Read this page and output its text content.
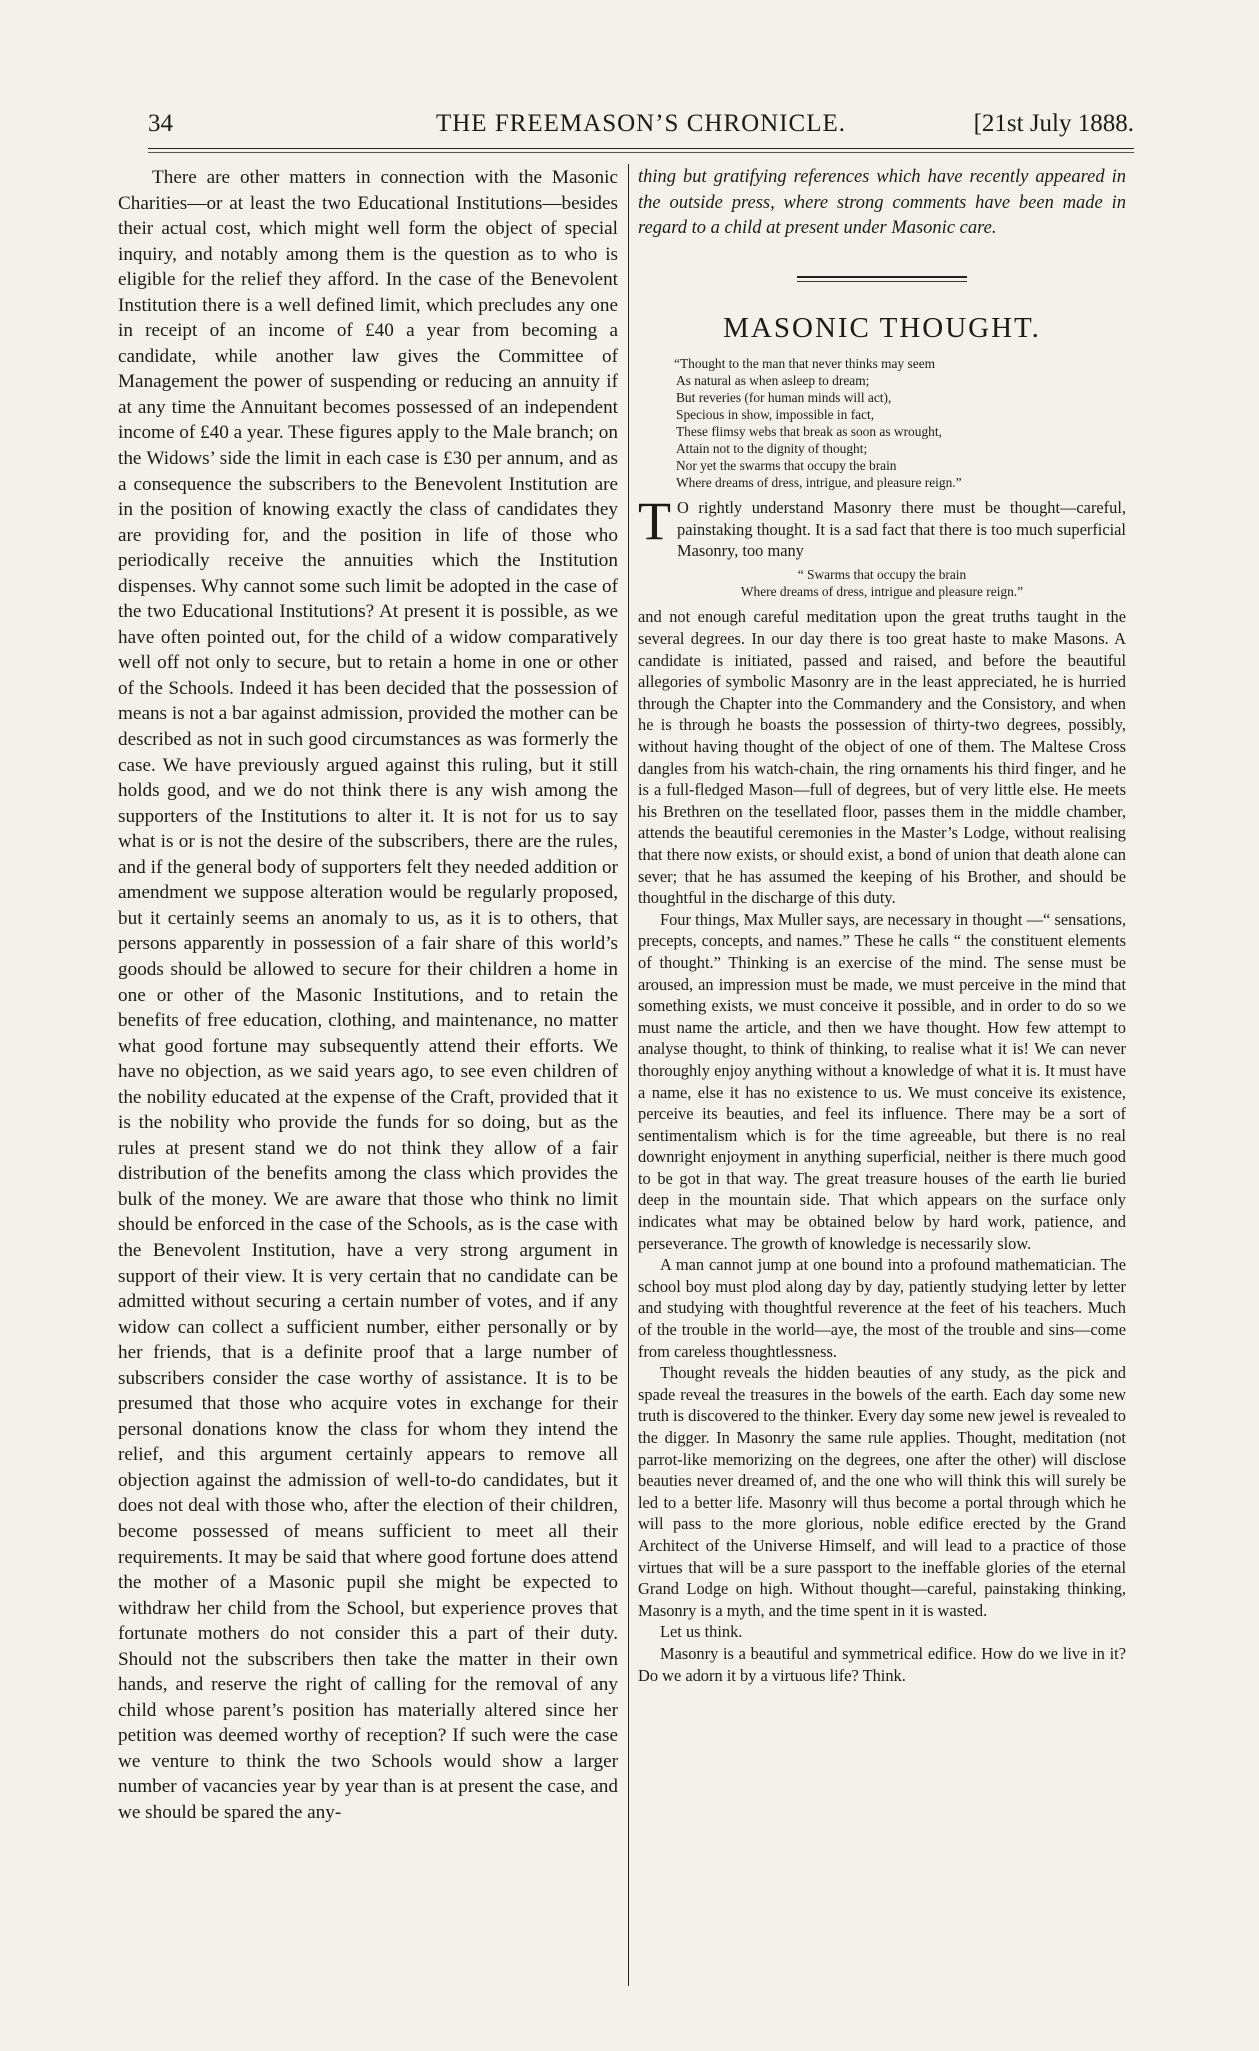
34	THE FREEMASON’S CHRONICLE.	[21st July 1888.

There are other matters in connection with the Masonic Charities—or at least the two Educational Institutions—besides their actual cost, which might well form the object of special inquiry, and notably among them is the question as to who is eligible for the relief they afford. In the case of the Benevolent Institution there is a well defined limit, which precludes any one in receipt of an income of £40 a year from becoming a candidate, while another law gives the Committee of Management the power of suspending or reducing an annuity if at any time the Annuitant becomes possessed of an independent income of £40 a year. These figures apply to the Male branch; on the Widows’ side the limit in each case is £30 per annum, and as a consequence the subscribers to the Benevolent Institution are in the position of knowing exactly the class of candidates they are providing for, and the position in life of those who periodically receive the annuities which the Institution dispenses. Why cannot some such limit be adopted in the case of the two Educational Institutions? At present it is possible, as we have often pointed out, for the child of a widow comparatively well off not only to secure, but to retain a home in one or other of the Schools. Indeed it has been decided that the possession of means is not a bar against admission, provided the mother can be described as not in such good circumstances as was formerly the case. We have previously argued against this ruling, but it still holds good, and we do not think there is any wish among the supporters of the Institutions to alter it. It is not for us to say what is or is not the desire of the subscribers, there are the rules, and if the general body of supporters felt they needed addition or amendment we suppose alteration would be regularly proposed, but it certainly seems an anomaly to us, as it is to others, that persons apparently in possession of a fair share of this world’s goods should be allowed to secure for their children a home in one or other of the Masonic Institutions, and to retain the benefits of free education, clothing, and maintenance, no matter what good fortune may subsequently attend their efforts. We have no objection, as we said years ago, to see even children of the nobility educated at the expense of the Craft, provided that it is the nobility who provide the funds for so doing, but as the rules at present stand we do not think they allow of a fair distribution of the benefits among the class which provides the bulk of the money. We are aware that those who think no limit should be enforced in the case of the Schools, as is the case with the Benevolent Institution, have a very strong argument in support of their view. It is very certain that no candidate can be admitted without securing a certain number of votes, and if any widow can collect a sufficient number, either personally or by her friends, that is a definite proof that a large number of subscribers consider the case worthy of assistance. It is to be presumed that those who acquire votes in exchange for their personal donations know the class for whom they intend the relief, and this argument certainly appears to remove all objection against the admission of well-to-do candidates, but it does not deal with those who, after the election of their children, become possessed of means sufficient to meet all their requirements. It may be said that where good fortune does attend the mother of a Masonic pupil she might be expected to withdraw her child from the School, but experience proves that fortunate mothers do not consider this a part of their duty. Should not the subscribers then take the matter in their own hands, and reserve the right of calling for the removal of any child whose parent’s position has materially altered since her petition was deemed worthy of reception? If such were the case we venture to think the two Schools would show a larger number of vacancies year by year than is at present the case, and we should be spared the any-

thing but gratifying references which have recently appeared in the outside press, where strong comments have been made in regard to a child at present under Masonic care.

MASONIC THOUGHT.
“Thought to the man that never thinks may seem
As natural as when asleep to dream;
But reveries (for human minds will act),
Specious in show, impossible in fact,
These flimsy webs that break as soon as wrought,
Attain not to the dignity of thought;
Nor yet the swarms that occupy the brain
Where dreams of dress, intrigue, and pleasure reign.”

T O rightly understand Masonry there must be thought—careful, painstaking thought. It is a sad fact that there is too much superficial Masonry, too many

“ Swarms that occupy the brain
Where dreams of dress, intrigue and pleasure reign.”

and not enough careful meditation upon the great truths taught in the several degrees. In our day there is too great haste to make Masons. A candidate is initiated, passed and raised, and before the beautiful allegories of symbolic Masonry are in the least appreciated, he is hurried through the Chapter into the Commandery and the Consistory, and when he is through he boasts the possession of thirty-two degrees, possibly, without having thought of the object of one of them. The Maltese Cross dangles from his watch-chain, the ring ornaments his third finger, and he is a full-fledged Mason—full of degrees, but of very little else. He meets his Brethren on the tesellated floor, passes them in the middle chamber, attends the beautiful ceremonies in the Master’s Lodge, without realising that there now exists, or should exist, a bond of union that death alone can sever; that he has assumed the keeping of his Brother, and should be thoughtful in the discharge of this duty.

Four things, Max Muller says, are necessary in thought —“ sensations, precepts, concepts, and names.” These he calls “ the constituent elements of thought.” Thinking is an exercise of the mind. The sense must be aroused, an impression must be made, we must perceive in the mind that something exists, we must conceive it possible, and in order to do so we must name the article, and then we have thought. How few attempt to analyse thought, to think of thinking, to realise what it is! We can never thoroughly enjoy anything without a knowledge of what it is. It must have a name, else it has no existence to us. We must conceive its existence, perceive its beauties, and feel its influence. There may be a sort of sentimentalism which is for the time agreeable, but there is no real downright enjoyment in anything superficial, neither is there much good to be got in that way. The great treasure houses of the earth lie buried deep in the mountain side. That which appears on the surface only indicates what may be obtained below by hard work, patience, and perseverance. The growth of knowledge is necessarily slow.

A man cannot jump at one bound into a profound mathematician. The school boy must plod along day by day, patiently studying letter by letter and studying with thoughtful reverence at the feet of his teachers. Much of the trouble in the world—aye, the most of the trouble and sins—come from careless thoughtlessness.

Thought reveals the hidden beauties of any study, as the pick and spade reveal the treasures in the bowels of the earth. Each day some new truth is discovered to the thinker. Every day some new jewel is revealed to the digger. In Masonry the same rule applies. Thought, meditation (not parrot-like memorizing on the degrees, one after the other) will disclose beauties never dreamed of, and the one who will think this will surely be led to a better life. Masonry will thus become a portal through which he will pass to the more glorious, noble edifice erected by the Grand Architect of the Universe Himself, and will lead to a practice of those virtues that will be a sure passport to the ineffable glories of the eternal Grand Lodge on high. Without thought—careful, painstaking thinking, Masonry is a myth, and the time spent in it is wasted.

Let us think.

Masonry is a beautiful and symmetrical edifice. How do we live in it? Do we adorn it by a virtuous life? Think.
